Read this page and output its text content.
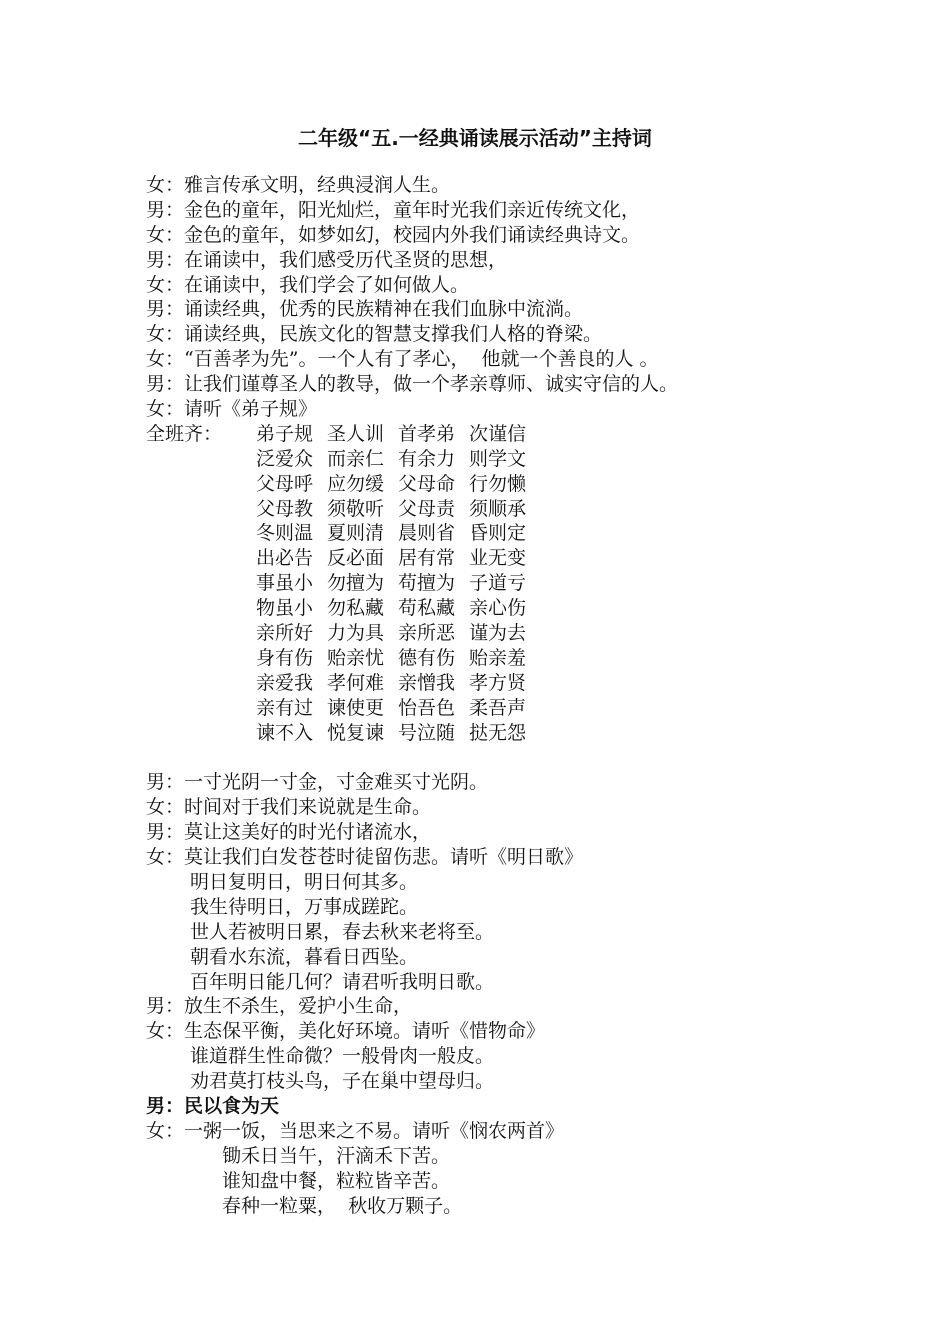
二年级“五.一经典诵读展示活动”主持词
女：雅言传承文明，经典浸润人生。
男：金色的童年，阳光灿烂，童年时光我们亲近传统文化，
女：金色的童年，如梦如幻，校园内外我们诵读经典诗文。
男：在诵读中，我们感受历代圣贤的思想，
女：在诵读中，我们学会了如何做人。
男：诵读经典，优秀的民族精神在我们血脉中流淌。
女：诵读经典，民族文化的智慧支撑我们人格的脊梁。
女：“百善孝为先”。一个人有了孝心，  他就一个善良的人 。
男：让我们谨尊圣人的教导，做一个孝亲尊师、诚实守信的人。
女：请听《弟子规》
全班齐： 弟子规 圣人训 首孝弟 次谨信
泛爱众 而亲仁 有余力 则学文
父母呼 应勿缓 父母命 行勿懒
父母教 须敬听 父母责 须顺承
冬则温 夏则清 晨则省 昏则定
出必告 反必面 居有常 业无变
事虽小 勿擅为 苟擅为 子道亏
物虽小 勿私藏 苟私藏 亲心伤
亲所好 力为具 亲所恶 谨为去
身有伤 贻亲忧 德有伤 贻亲羞
亲爱我 孝何难 亲憎我 孝方贤
亲有过 谏使更 怡吾色 柔吾声
谏不入 悦复谏 号泣随 挞无怨
男：一寸光阴一寸金，寸金难买寸光阴。
女：时间对于我们来说就是生命。
男：莫让这美好的时光付诸流水，
女：莫让我们白发苍苍时徒留伤悲。请听《明日歌》
明日复明日，明日何其多。
我生待明日，万事成蹉跎。
世人若被明日累，春去秋来老将至。
朝看水东流，暮看日西坠。
百年明日能几何？请君听我明日歌。
男：放生不杀生，爱护小生命，
女：生态保平衡，美化好环境。请听《惜物命》
谁道群生性命微？一般骨肉一般皮。
劝君莫打枝头鸟，子在巢中望母归。
男：民以食为天
女：一粥一饭，当思来之不易。请听《悯农两首》
锄禾日当午，汗滴禾下苦。
谁知盘中餐，粒粒皆辛苦。
春种一粒粟，  秋收万颗子。
